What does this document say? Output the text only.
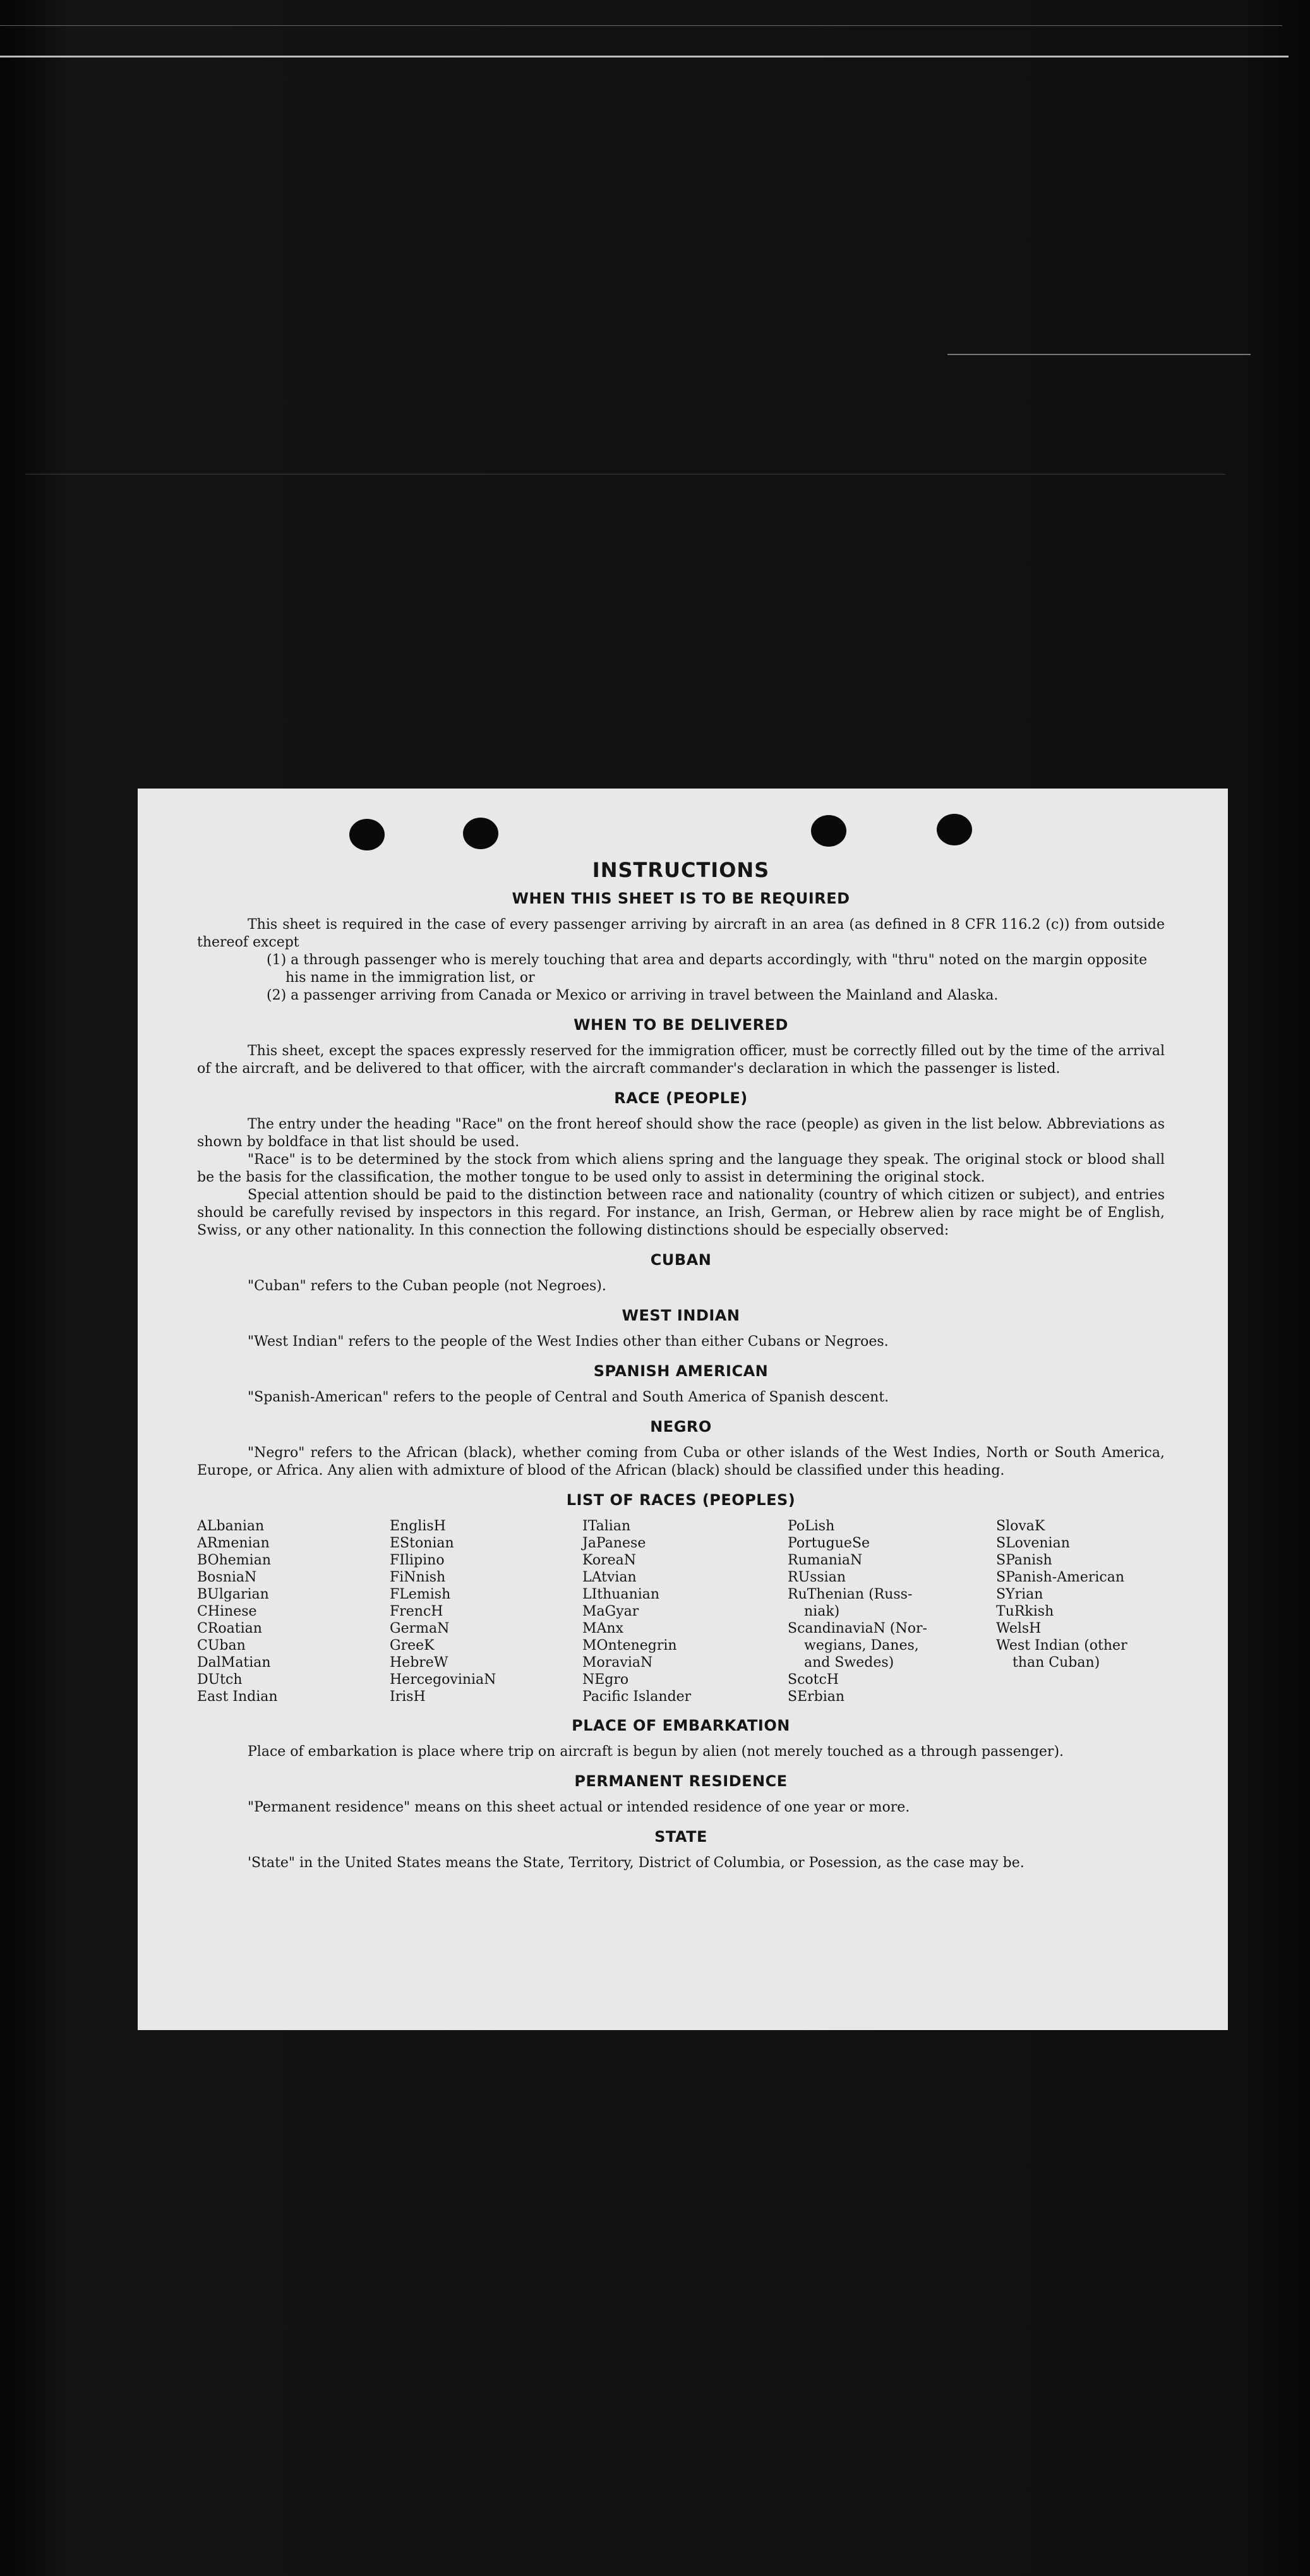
INSTRUCTIONS
WHEN THIS SHEET IS TO BE REQUIRED

This sheet is required in the case of every passenger arriving by aircraft in an area (as defined in 8 CFR 116.2 (c)) from outside thereof except

(1) a through passenger who is merely touching that area and departs accordingly, with "thru" noted on the margin opposite his name in the immigration list, or
(2) a passenger arriving from Canada or Mexico or arriving in travel between the Mainland and Alaska.
WHEN TO BE DELIVERED

This sheet, except the spaces expressly reserved for the immigration officer, must be correctly filled out by the time of the arrival of the aircraft, and be delivered to that officer, with the aircraft commander's declaration in which the passenger is listed.

RACE (PEOPLE)

The entry under the heading "Race" on the front hereof should show the race (people) as given in the list below. Abbreviations as shown by boldface in that list should be used.

"Race" is to be determined by the stock from which aliens spring and the language they speak. The original stock or blood shall be the basis for the classification, the mother tongue to be used only to assist in determining the original stock.

Special attention should be paid to the distinction between race and nationality (country of which citizen or subject), and entries should be carefully revised by inspectors in this regard. For instance, an Irish, German, or Hebrew alien by race might be of English, Swiss, or any other nationality. In this connection the following distinctions should be especially observed:

CUBAN

"Cuban" refers to the Cuban people (not Negroes).

WEST INDIAN

"West Indian" refers to the people of the West Indies other than either Cubans or Negroes.

SPANISH AMERICAN

"Spanish-American" refers to the people of Central and South America of Spanish descent.

NEGRO

"Negro" refers to the African (black), whether coming from Cuba or other islands of the West Indies, North or South America, Europe, or Africa. Any alien with admixture of blood of the African (black) should be classified under this heading.

LIST OF RACES (PEOPLES)
ALbanian
ARmenian
BOhemian
BosniaN
BUlgarian
CHinese
CRoatian
CUban
DalMatian
DUtch
East Indian
EnglisH
EStonian
FIlipino
FiNnish
FLemish
FrencH
GermaN
GreeK
HebreW
HercegoviniaN
IrisH
ITalian
JaPanese
KoreaN
LAtvian
LIthuanian
MaGyar
MAnx
MOntenegrin
MoraviaN
NEgro
Pacific Islander
PoLish
PortugueSe
RumaniaN
RUssian
RuThenian (Russ-
niak)
ScandinaviaN (Nor-
wegians, Danes,
and Swedes)
ScotcH
SErbian
SlovaK
SLovenian
SPanish
SPanish-American
SYrian
TuRkish
WelsH
West Indian (other
than Cuban)
PLACE OF EMBARKATION

Place of embarkation is place where trip on aircraft is begun by alien (not merely touched as a through passenger).

PERMANENT RESIDENCE

"Permanent residence" means on this sheet actual or intended residence of one year or more.

STATE

'State" in the United States means the State, Territory, District of Columbia, or Posession, as the case may be.
